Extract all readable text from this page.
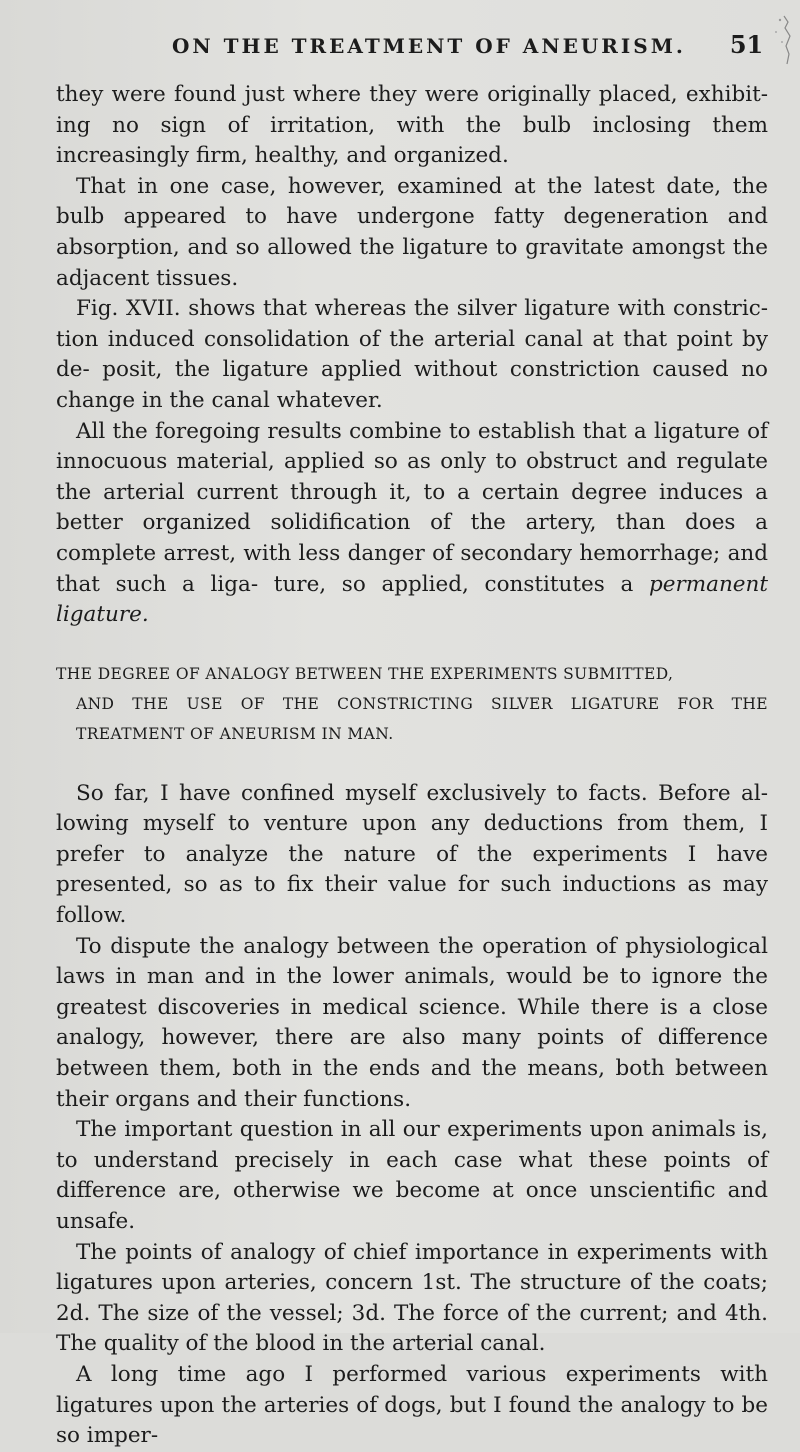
ON THE TREATMENT OF ANEURISM. 51

they were found just where they were originally placed, exhibit- ing no sign of irritation, with the bulb inclosing them increasingly firm, healthy, and organized.

That in one case, however, examined at the latest date, the bulb appeared to have undergone fatty degeneration and absorption, and so allowed the ligature to gravitate amongst the adjacent tissues.

Fig. XVII. shows that whereas the silver ligature with constric- tion induced consolidation of the arterial canal at that point by de- posit, the ligature applied without constriction caused no change in the canal whatever.

All the foregoing results combine to establish that a ligature of innocuous material, applied so as only to obstruct and regulate the arterial current through it, to a certain degree induces a better organized solidification of the artery, than does a complete arrest, with less danger of secondary hemorrhage; and that such a liga- ture, so applied, constitutes a permanent ligature.

THE DEGREE OF ANALOGY BETWEEN THE EXPERIMENTS SUBMITTED,
AND THE USE OF THE CONSTRICTING SILVER LIGATURE FOR THE TREATMENT OF ANEURISM IN MAN.

So far, I have confined myself exclusively to facts. Before al- lowing myself to venture upon any deductions from them, I prefer to analyze the nature of the experiments I have presented, so as to fix their value for such inductions as may follow.

To dispute the analogy between the operation of physiological laws in man and in the lower animals, would be to ignore the greatest discoveries in medical science. While there is a close analogy, however, there are also many points of difference between them, both in the ends and the means, both between their organs and their functions.

The important question in all our experiments upon animals is, to understand precisely in each case what these points of difference are, otherwise we become at once unscientific and unsafe.

The points of analogy of chief importance in experiments with ligatures upon arteries, concern 1st. The structure of the coats; 2d. The size of the vessel; 3d. The force of the current; and 4th. The quality of the blood in the arterial canal.

A long time ago I performed various experiments with ligatures upon the arteries of dogs, but I found the analogy to be so imper-
